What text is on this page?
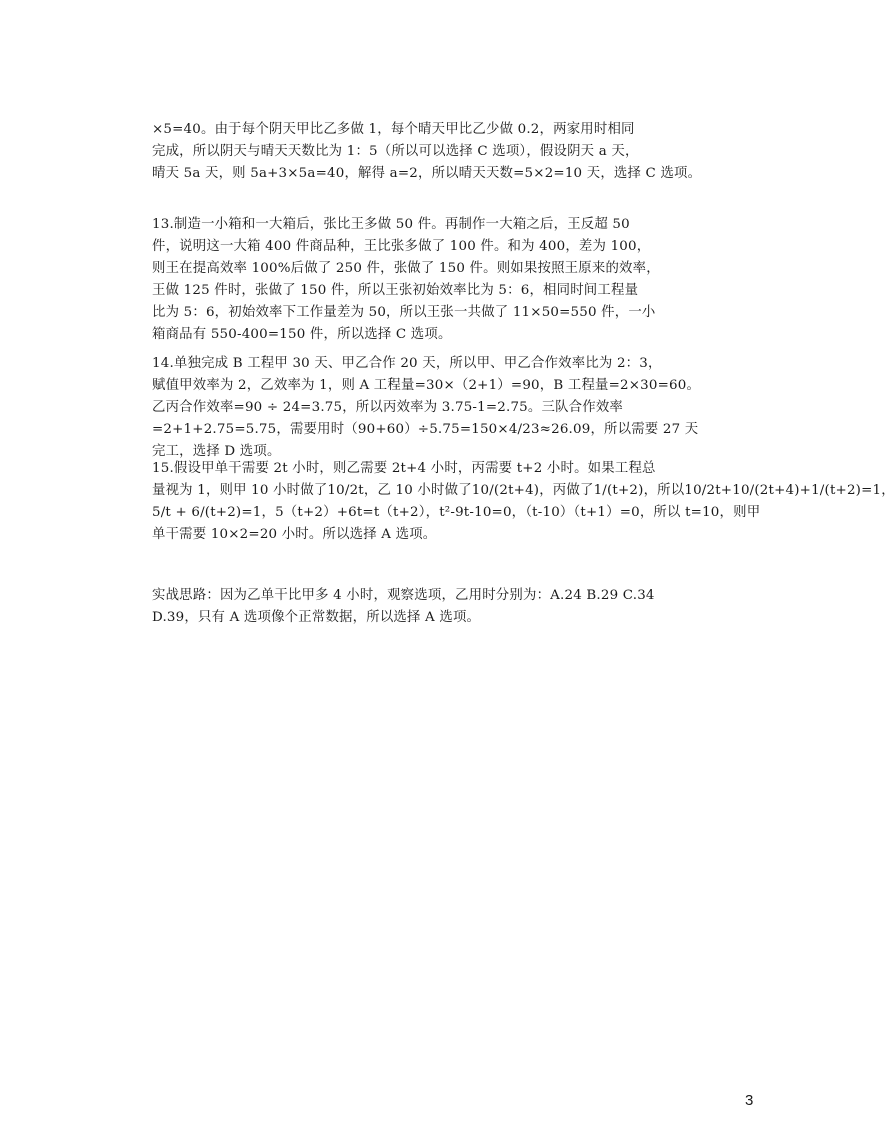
×5=40。由于每个阴天甲比乙多做 1，每个晴天甲比乙少做 0.2，两家用时相同
完成，所以阴天与晴天天数比为 1：5（所以可以选择 C 选项），假设阴天 a 天，
晴天 5a 天，则 5a+3×5a=40，解得 a=2，所以晴天天数=5×2=10 天，选择 C 选项。
13.制造一小箱和一大箱后，张比王多做 50 件。再制作一大箱之后，王反超 50
件，说明这一大箱 400 件商品种，王比张多做了 100 件。和为 400，差为 100，
则王在提高效率 100%后做了 250 件，张做了 150 件。则如果按照王原来的效率，
王做 125 件时，张做了 150 件，所以王张初始效率比为 5：6，相同时间工程量
比为 5：6，初始效率下工作量差为 50，所以王张一共做了 11×50=550 件，一小
箱商品有 550-400=150 件，所以选择 C 选项。
14.单独完成 B 工程甲 30 天、甲乙合作 20 天，所以甲、甲乙合作效率比为 2：3，
赋值甲效率为 2，乙效率为 1，则 A 工程量=30×（2+1）=90，B 工程量=2×30=60。
乙丙合作效率=90 ÷ 24=3.75，所以丙效率为 3.75-1=2.75。三队合作效率
=2+1+2.75=5.75，需要用时（90+60）÷5.75=150×4/23≈26.09，所以需要 27 天
完工，选择 D 选项。
15.假设甲单干需要 2t 小时，则乙需要 2t+4 小时，丙需要 t+2 小时。如果工程总
量视为 1，则甲 10 小时做了10/2t，乙 10 小时做了10/(2t+4)，丙做了1/(t+2)，所以10/2t+10/(2t+4)+1/(t+2)=1，
5/t + 6/(t+2)=1，5（t+2）+6t=t（t+2），t²-9t-10=0，（t-10）（t+1）=0，所以 t=10，则甲
单干需要 10×2=20 小时。所以选择 A 选项。
实战思路：因为乙单干比甲多 4 小时，观察选项，乙用时分别为：A.24 B.29 C.34
D.39，只有 A 选项像个正常数据，所以选择 A 选项。
3
